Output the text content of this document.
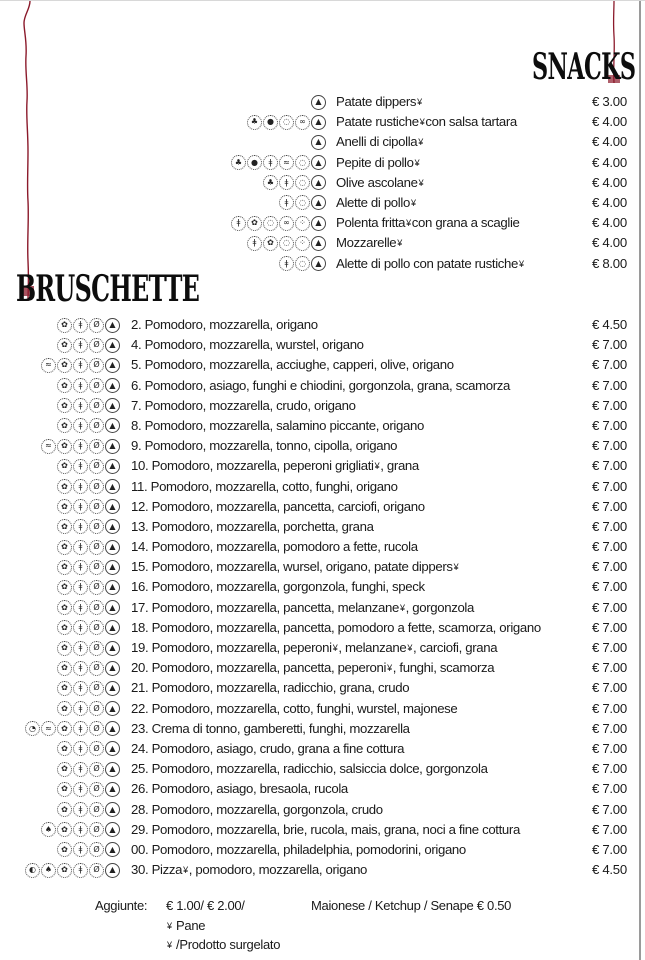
SNACKS
▲	Patate dippers¥	€ 3.00
♣	●	◌	∞	▲	Patate rustiche¥con salsa tartara	€ 4.00
▲	Anelli di cipolla¥	€ 4.00
♣	●	ǂ	≈	◌	▲	Pepite di pollo¥	€ 4.00
♣	ǂ	◌	▲	Olive ascolane¥	€ 4.00
ǂ	◌	▲	Alette di pollo¥	€ 4.00
ǂ	✿	◌	∞	⁘	▲	Polenta fritta¥con grana a scaglie	€ 4.00
ǂ	✿	◌	⁘	▲	Mozzarelle¥	€ 4.00
ǂ	◌	▲	Alette di pollo con patate rustiche¥	€ 8.00
BRUSCHETTE
✿	ǂ	Ø	▲	2. Pomodoro, mozzarella, origano	€ 4.50
✿	ǂ	Ø	▲	4. Pomodoro, mozzarella, wurstel, origano	€ 7.00
≈	✿	ǂ	Ø	▲	5. Pomodoro, mozzarella, acciughe, capperi, olive, origano	€ 7.00
✿	ǂ	Ø	▲	6. Pomodoro, asiago, funghi e chiodini, gorgonzola, grana, scamorza	€ 7.00
✿	ǂ	Ø	▲	7. Pomodoro, mozzarella, crudo, origano	€ 7.00
✿	ǂ	Ø	▲	8. Pomodoro, mozzarella, salamino piccante, origano	€ 7.00
≈	✿	ǂ	Ø	▲	9. Pomodoro, mozzarella, tonno, cipolla, origano	€ 7.00
✿	ǂ	Ø	▲	10. Pomodoro, mozzarella, peperoni grigliati¥, grana	€ 7.00
✿	ǂ	Ø	▲	11. Pomodoro, mozzarella, cotto, funghi, origano	€ 7.00
✿	ǂ	Ø	▲	12. Pomodoro, mozzarella, pancetta, carciofi, origano	€ 7.00
✿	ǂ	Ø	▲	13. Pomodoro, mozzarella, porchetta, grana	€ 7.00
✿	ǂ	Ø	▲	14. Pomodoro, mozzarella, pomodoro a fette, rucola	€ 7.00
✿	ǂ	Ø	▲	15. Pomodoro, mozzarella, wursel, origano, patate dippers¥	€ 7.00
✿	ǂ	Ø	▲	16. Pomodoro, mozzarella, gorgonzola, funghi, speck	€ 7.00
✿	ǂ	Ø	▲	17. Pomodoro, mozzarella, pancetta, melanzane¥, gorgonzola	€ 7.00
✿	ǂ	Ø	▲	18. Pomodoro, mozzarella, pancetta, pomodoro a fette, scamorza, origano	€ 7.00
✿	ǂ	Ø	▲	19. Pomodoro, mozzarella, peperoni¥, melanzane¥, carciofi, grana	€ 7.00
✿	ǂ	Ø	▲	20. Pomodoro, mozzarella, pancetta, peperoni¥, funghi, scamorza	€ 7.00
✿	ǂ	Ø	▲	21. Pomodoro, mozzarella, radicchio, grana, crudo	€ 7.00
✿	ǂ	Ø	▲	22. Pomodoro, mozzarella, cotto, funghi, wurstel, majonese	€ 7.00
◔	≈	✿	ǂ	Ø	▲	23. Crema di tonno, gamberetti, funghi, mozzarella	€ 7.00
✿	ǂ	Ø	▲	24. Pomodoro, asiago, crudo, grana a fine cottura	€ 7.00
✿	ǂ	Ø	▲	25. Pomodoro, mozzarella, radicchio, salsiccia dolce, gorgonzola	€ 7.00
✿	ǂ	Ø	▲	26. Pomodoro, asiago, bresaola, rucola	€ 7.00
✿	ǂ	Ø	▲	28. Pomodoro, mozzarella, gorgonzola, crudo	€ 7.00
♠	✿	ǂ	Ø	▲	29. Pomodoro, mozzarella, brie, rucola, mais, grana, noci a fine cottura	€ 7.00
✿	ǂ	Ø	▲	00. Pomodoro, mozzarella, philadelphia, pomodorini, origano	€ 7.00
◐	♠	✿	ǂ	Ø	▲	30. Pizza¥, pomodoro, mozzarella, origano	€ 4.50
Aggiunte: € 1.00/ € 2.00/	Maionese / Ketchup / Senape € 0.50
¥ Pane
¥ /Prodotto surgelato
